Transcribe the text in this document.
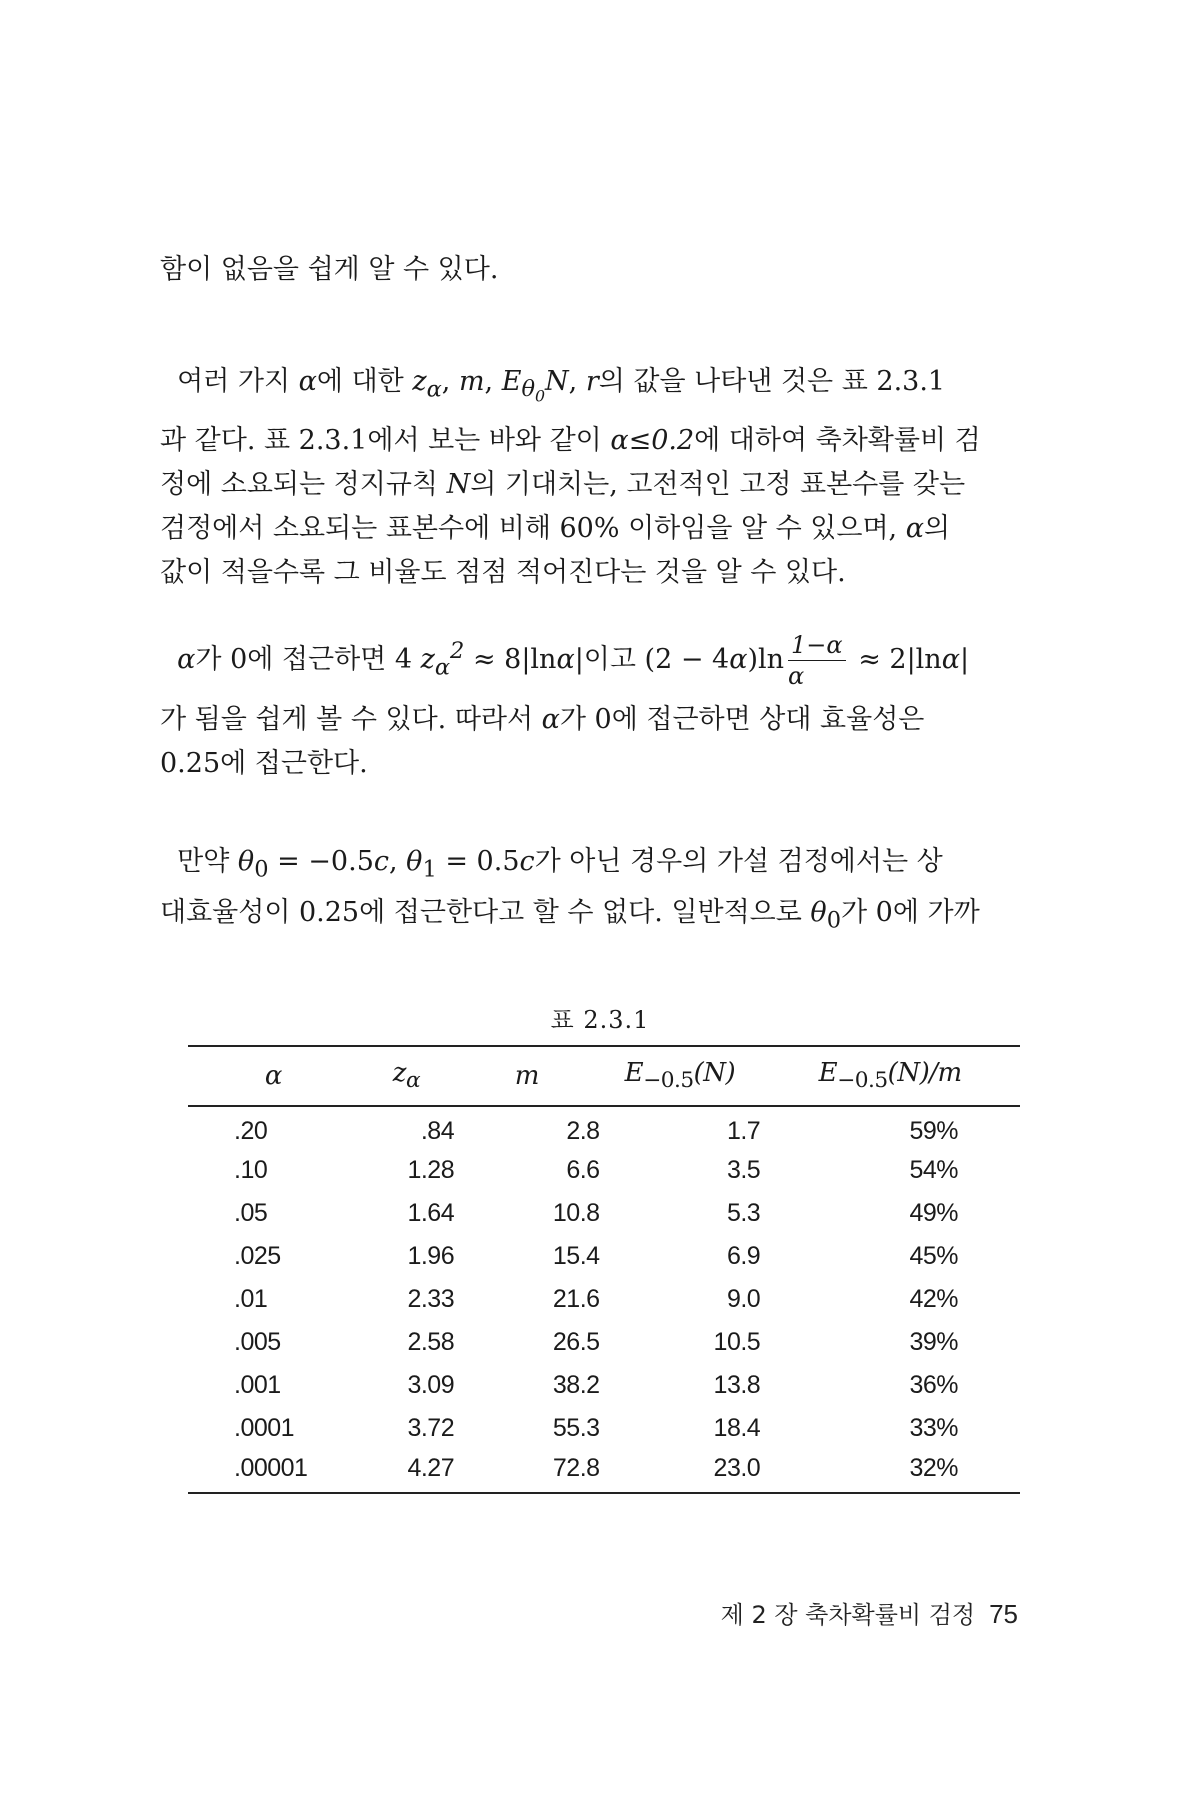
함이 없음을 쉽게 알 수 있다.

여러 가지 α에 대한 $z_\alpha$, m, $E_{\theta_0}N$, r의 값을 나타낸 것은 표 2.3.1
과 같다. 표 2.3.1에서 보는 바와 같이 α≤0.2에 대하여 축차확률비 검
정에 소요되는 정지규칙 N의 기대치는, 고전적인 고정 표본수를 갖는
검정에서 소요되는 표본수에 비해 60% 이하임을 알 수 있으며, α의
값이 적을수록 그 비율도 점점 적어진다는 것을 알 수 있다.

α가 0에 접근하면 4 $z_\alpha^2 \approx 8|\ln\alpha|$이고 $(2 - 4\alpha)\ln \frac{1-\alpha}{\alpha} \approx 2|\ln\alpha|$
가 됨을 쉽게 볼 수 있다. 따라서 α가 0에 접근하면 상대 효율성은
0.25에 접근한다.

만약 $\theta_0 = -0.5c$, $\theta_1 = 0.5c$가 아닌 경우의 가설 검정에서는 상
대효율성이 0.25에 접근한다고 할 수 없다. 일반적으로 $\theta_0$가 0에 가까

표 2.3.1
α	$z_\alpha$	m	$E_{-0.5}(N)$	$E_{-0.5}(N)/m$
.20	.84	2.8	1.7	59%
.10	1.28	6.6	3.5	54%
.05	1.64	10.8	5.3	49%
.025	1.96	15.4	6.9	45%
.01	2.33	21.6	9.0	42%
.005	2.58	26.5	10.5	39%
.001	3.09	38.2	13.8	36%
.0001	3.72	55.3	18.4	33%
.00001	4.27	72.8	23.0	32%
제 2 장 축차확률비 검정 75
